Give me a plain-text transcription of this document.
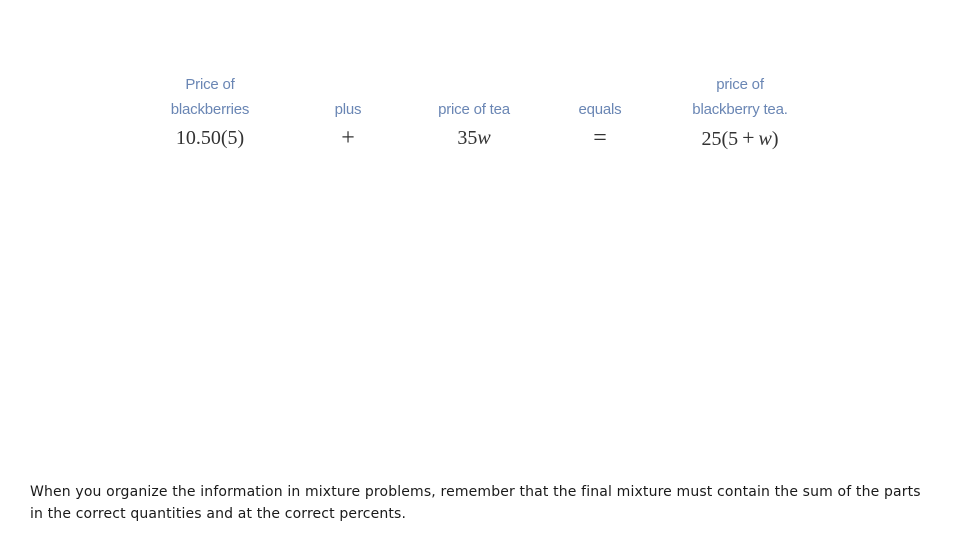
Price of
blackberries
10.50(5)
plus
+
price of tea
35w
equals
=
price of
blackberry tea.
25(5 + w)
When you organize the information in mixture problems, remember that the final mixture must contain the sum of the parts in the correct quantities and at the correct percents.
